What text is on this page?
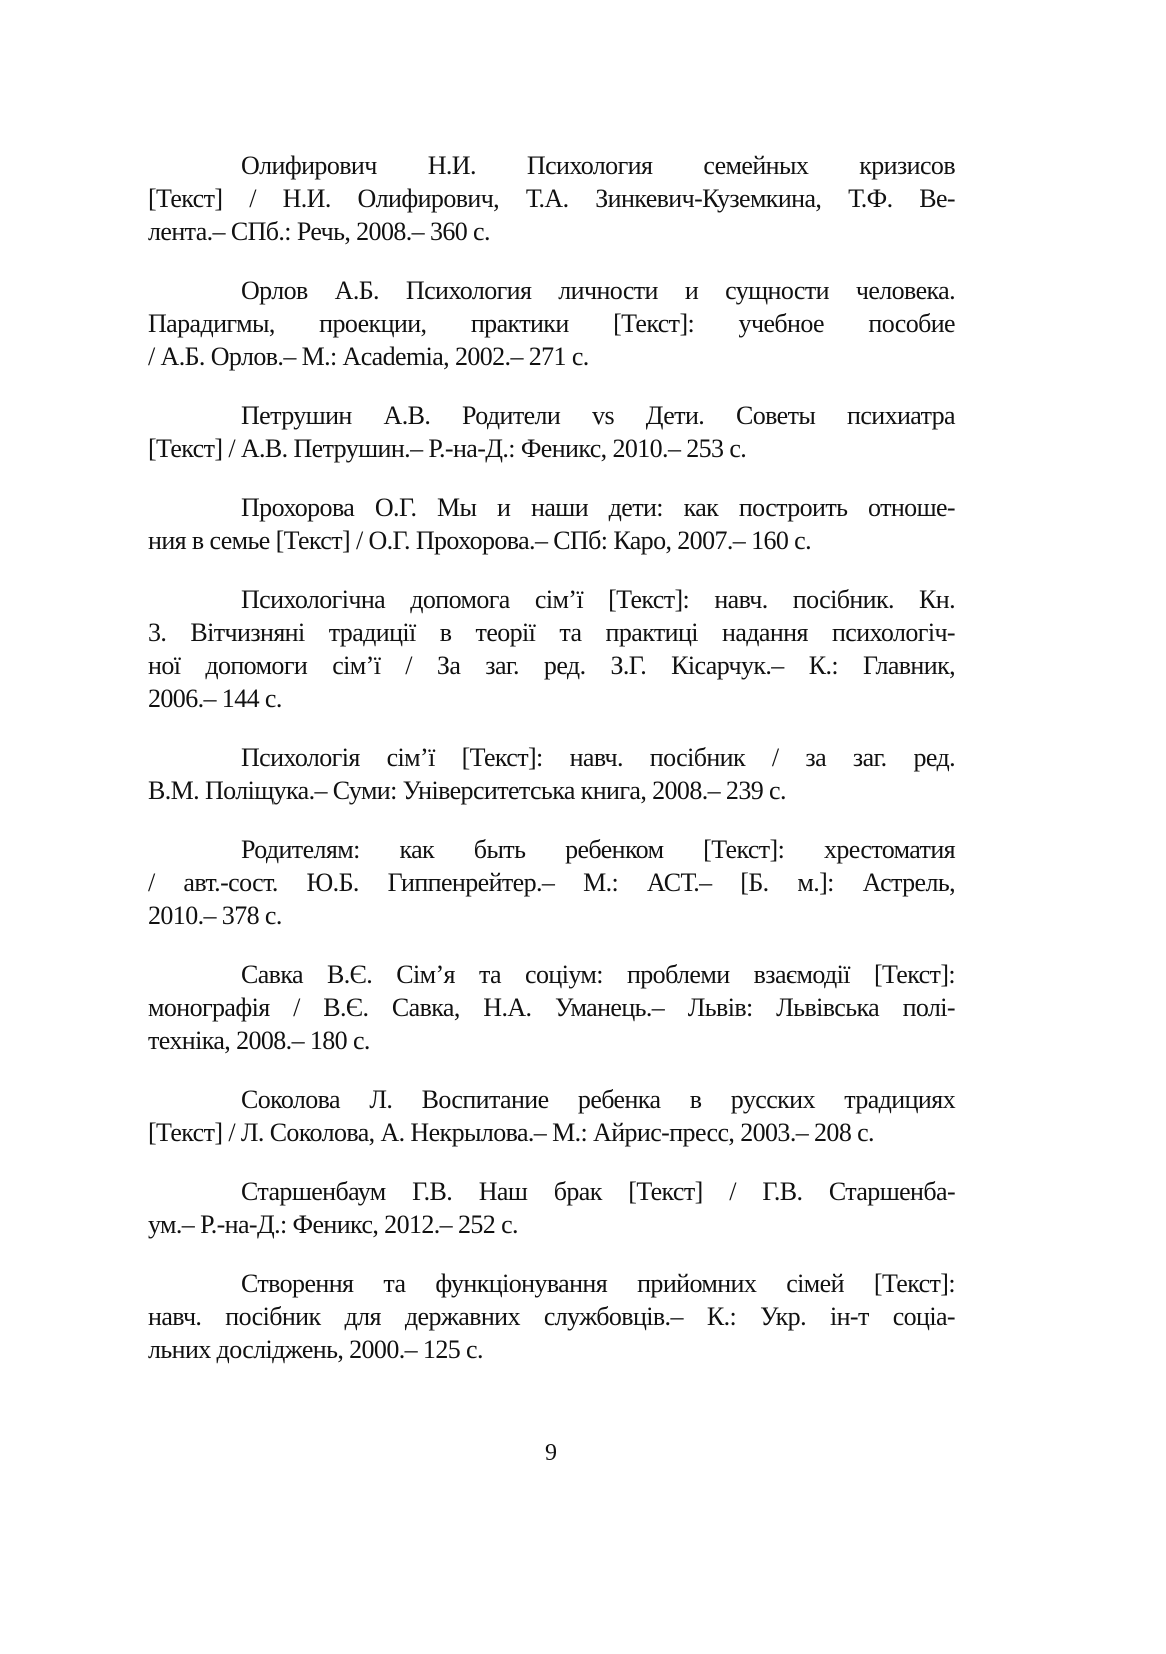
Олифирович Н.И. Психология семейных кризисов
[Текст] / Н.И. Олифирович, Т.А. Зинкевич-Куземкина, Т.Ф. Ве-
лента.– СПб.: Речь, 2008.– 360 с.
Орлов А.Б. Психология личности и сущности человека.
Парадигмы, проекции, практики [Текст]: учебное пособие
/ А.Б. Орлов.– М.: Academia, 2002.– 271 с.
Петрушин А.В. Родители vs Дети. Советы психиатра
[Текст] / А.В. Петрушин.– Р.-на-Д.: Феникс, 2010.– 253 с.
Прохорова О.Г. Мы и наши дети: как построить отноше-
ния в семье [Текст] / О.Г. Прохорова.– СПб: Каро, 2007.– 160 с.
Психологічна допомога сім’ї [Текст]: навч. посібник. Кн.
3. Вітчизняні традиції в теорії та практиці надання психологіч-
ної допомоги сім’ї / За заг. ред. З.Г. Кісарчук.– К.: Главник,
2006.– 144 с.
Психологія сім’ї [Текст]: навч. посібник / за заг. ред.
В.М. Поліщука.– Суми: Університетська книга, 2008.– 239 с.
Родителям: как быть ребенком [Текст]: хрестоматия
/ авт.-сост. Ю.Б. Гиппенрейтер.– М.: АСТ.– [Б. м.]: Астрель,
2010.– 378 с.
Савка В.Є. Сім’я та соціум: проблеми взаємодії [Текст]:
монографія / В.Є. Савка, Н.А. Уманець.– Львів: Львівська полі-
техніка, 2008.– 180 с.
Соколова Л. Воспитание ребенка в русских традициях
[Текст] / Л. Соколова, А. Некрылова.– М.: Айрис-пресс, 2003.– 208 с.
Старшенбаум Г.В. Наш брак [Текст] / Г.В. Старшенба-
ум.– Р.-на-Д.: Феникс, 2012.– 252 с.
Створення та функціонування прийомних сімей [Текст]:
навч. посібник для державних службовців.– К.: Укр. ін-т соціа-
льних досліджень, 2000.– 125 с.
9
